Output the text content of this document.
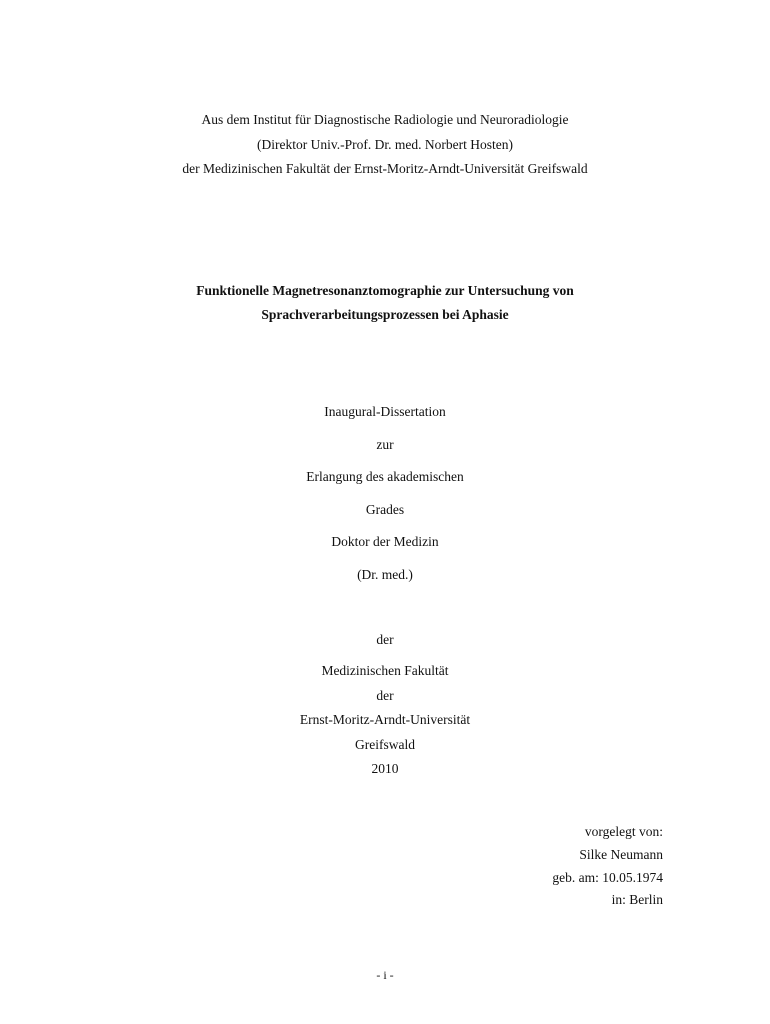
Aus dem Institut für Diagnostische Radiologie und Neuroradiologie
(Direktor Univ.-Prof. Dr. med. Norbert Hosten)
der Medizinischen Fakultät der Ernst-Moritz-Arndt-Universität Greifswald
Funktionelle Magnetresonanztomographie zur Untersuchung von
Sprachverarbeitungsprozessen bei Aphasie
Inaugural-Dissertation
zur
Erlangung des akademischen
Grades
Doktor der Medizin
(Dr. med.)
der
Medizinischen Fakultät
der
Ernst-Moritz-Arndt-Universität
Greifswald
2010
vorgelegt von:
Silke Neumann
geb. am: 10.05.1974
in: Berlin
- i -
